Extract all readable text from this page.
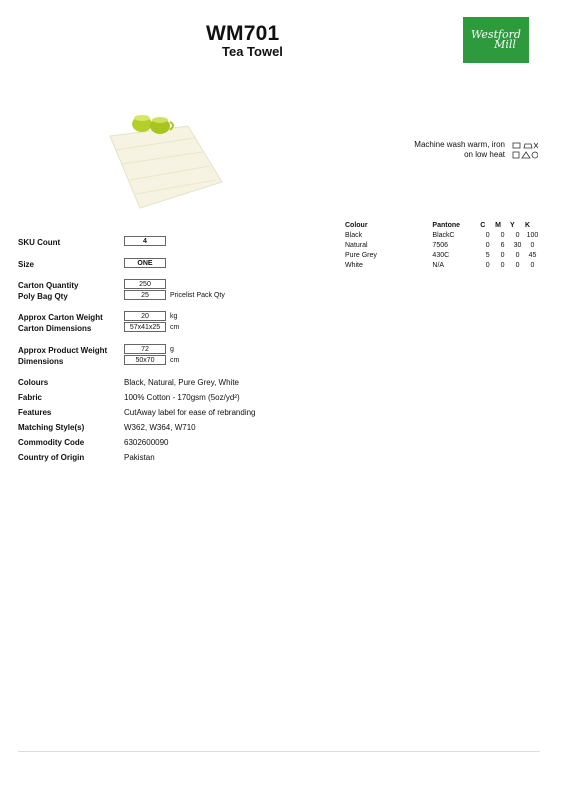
WM701
Tea Towel
Westford
Mill
Machine wash warm, iron
on low heat
Colour	Pantone	C	M	Y	K
Black	BlackC	0	0	0	100
Natural	7506	0	6	30	0
Pure Grey	430C	5	0	0	45
White	N/A	0	0	0	0
SKU Count	4
Size	ONE
Carton Quantity	250
Poly Bag Qty	25	Pricelist Pack Qty
Approx Carton Weight	20	kg
Carton Dimensions	57x41x25	cm
Approx Product Weight	72	g
Dimensions	50x70	cm
Colours	Black, Natural, Pure Grey, White
Fabric	100% Cotton - 170gsm (5oz/yd²)
Features	CutAway label for ease of rebranding
Matching Style(s)	W362, W364, W710
Commodity Code	6302600090
Country of Origin	Pakistan
